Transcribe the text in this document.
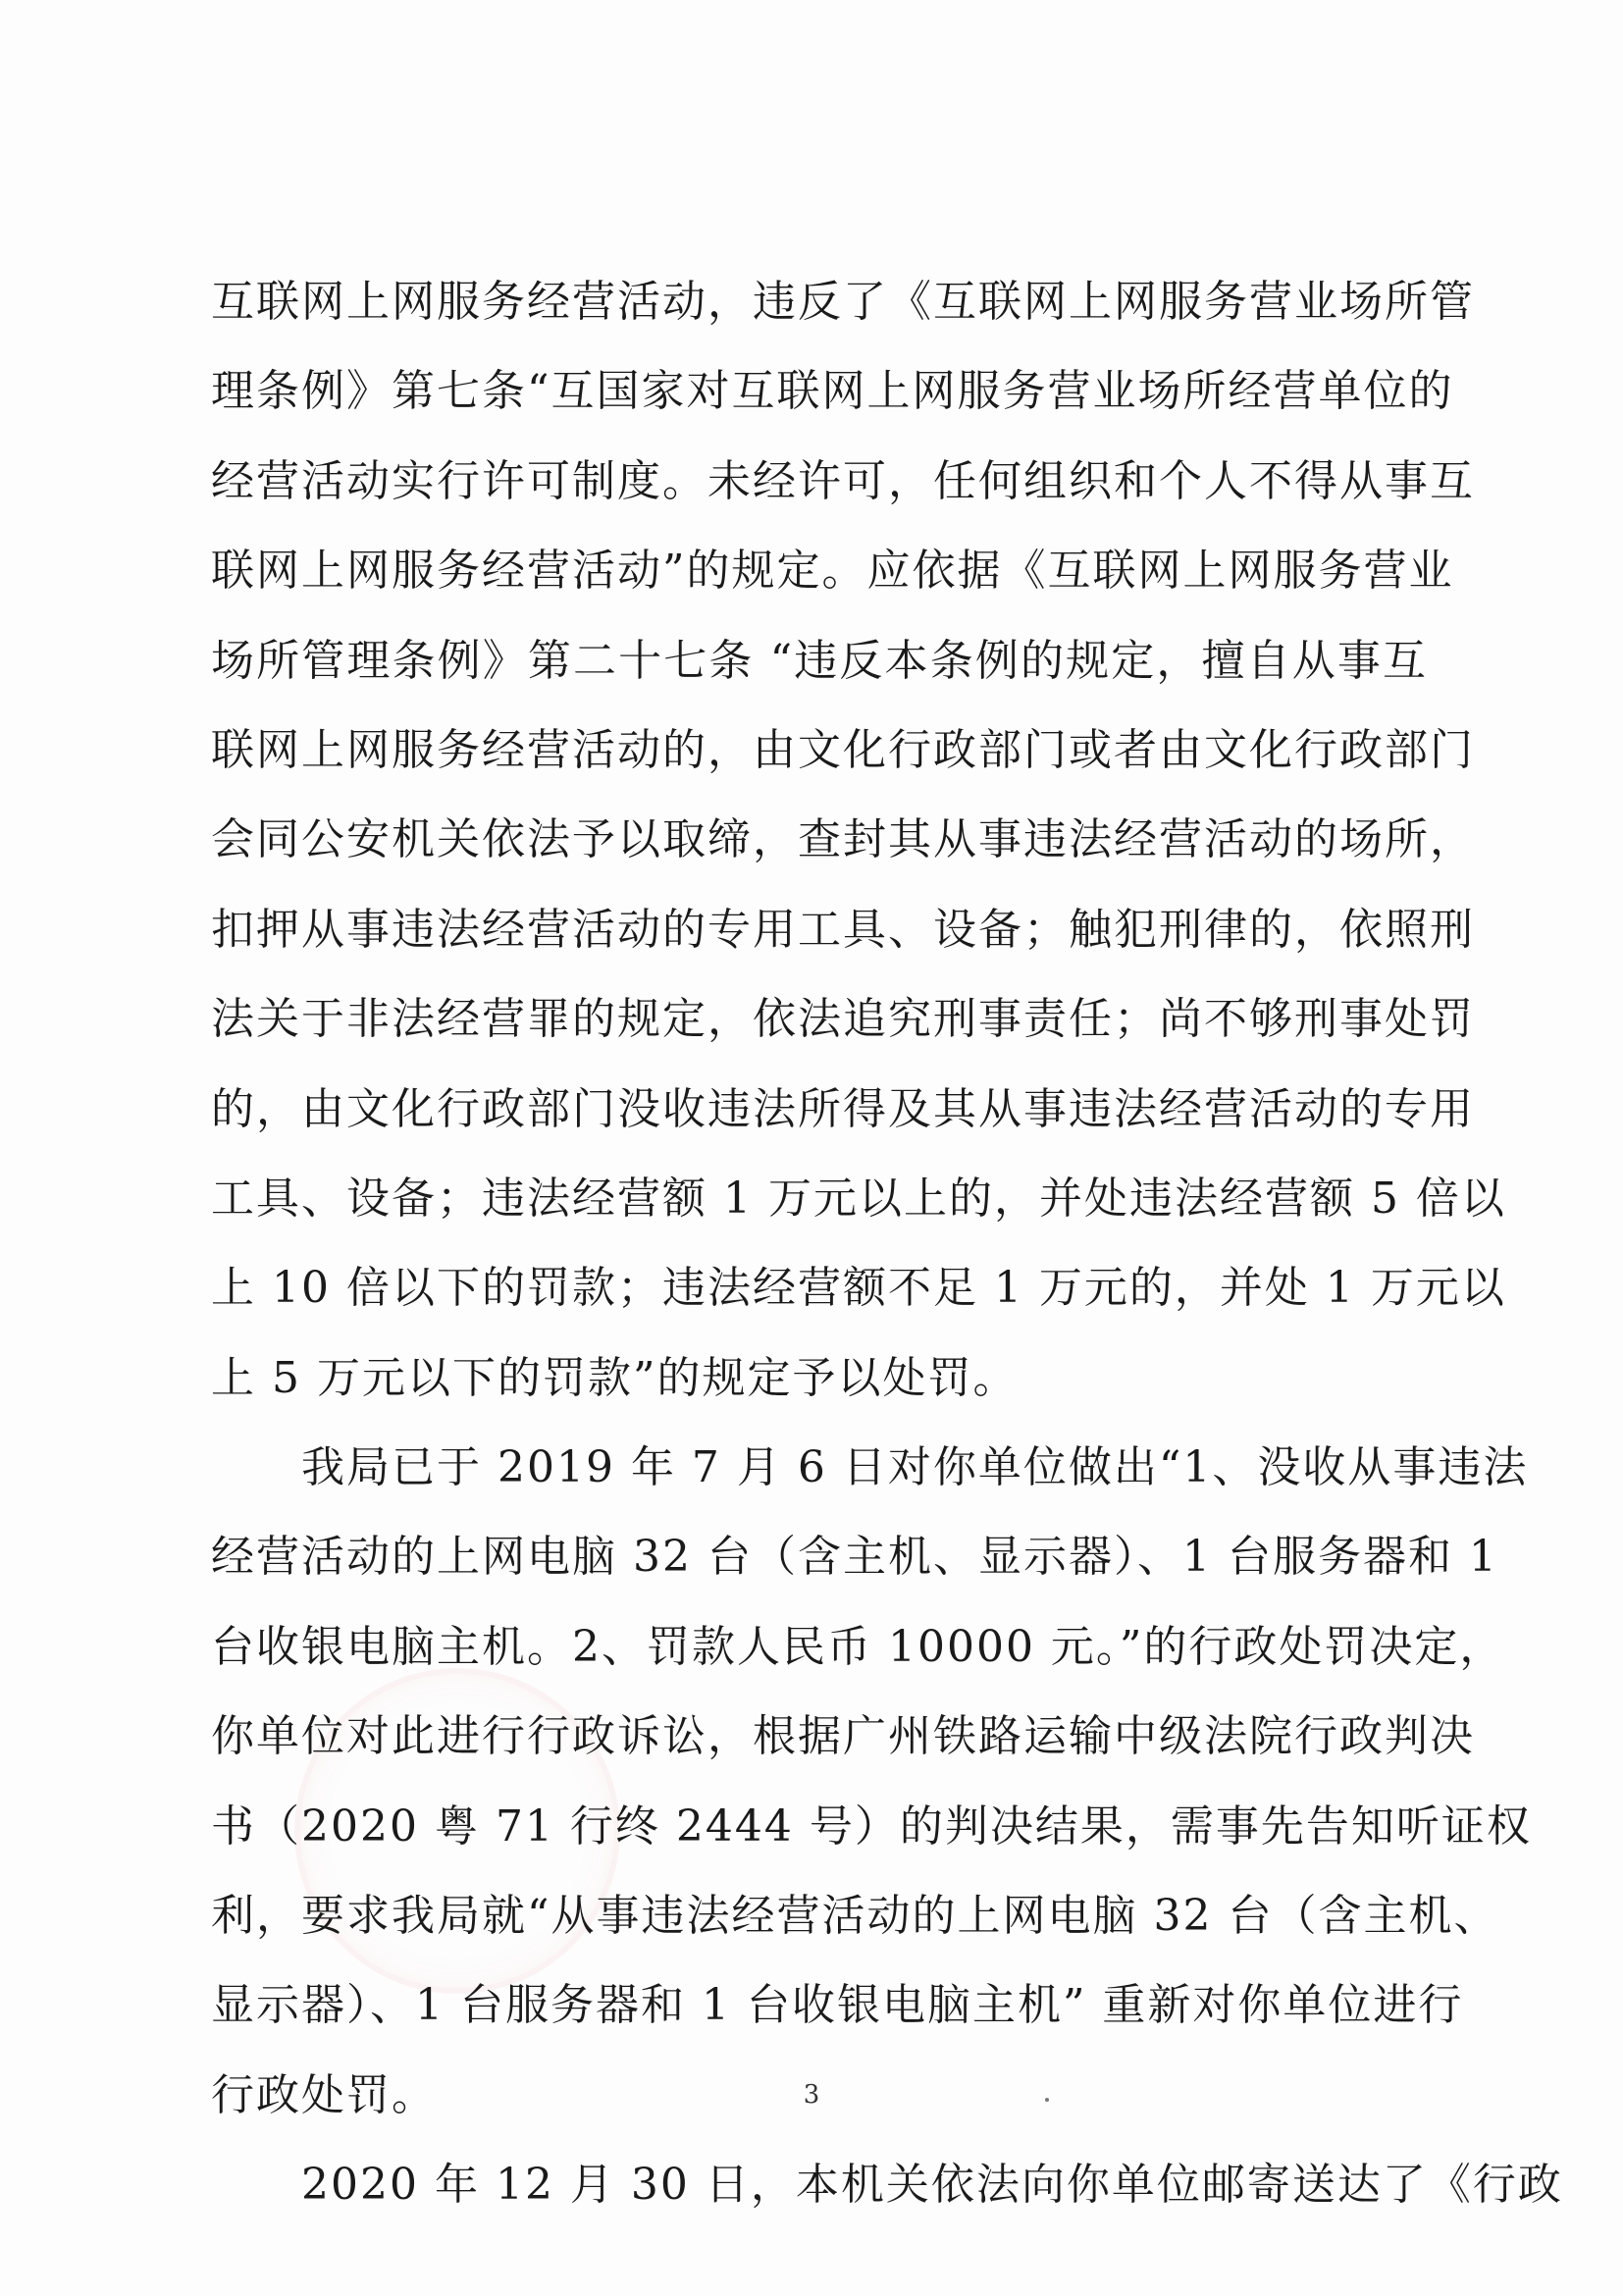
互联网上网服务经营活动，违反了《互联网上网服务营业场所管
理条例》第七条“互国家对互联网上网服务营业场所经营单位的
经营活动实行许可制度。未经许可，任何组织和个人不得从事互
联网上网服务经营活动”的规定。应依据《互联网上网服务营业
场所管理条例》第二十七条 “违反本条例的规定，擅自从事互
联网上网服务经营活动的，由文化行政部门或者由文化行政部门
会同公安机关依法予以取缔，查封其从事违法经营活动的场所，
扣押从事违法经营活动的专用工具、设备；触犯刑律的，依照刑
法关于非法经营罪的规定，依法追究刑事责任；尚不够刑事处罚
的，由文化行政部门没收违法所得及其从事违法经营活动的专用
工具、设备；违法经营额 1 万元以上的，并处违法经营额 5 倍以
上 10 倍以下的罚款；违法经营额不足 1 万元的，并处 1 万元以
上 5 万元以下的罚款”的规定予以处罚。
我局已于 2019 年 7 月 6 日对你单位做出“1、没收从事违法
经营活动的上网电脑 32 台（含主机、显示器）、1 台服务器和 1
台收银电脑主机。2、罚款人民币 10000 元。”的行政处罚决定，
你单位对此进行行政诉讼，根据广州铁路运输中级法院行政判决
书（2020 粤 71 行终 2444 号）的判决结果，需事先告知听证权
利，要求我局就“从事违法经营活动的上网电脑 32 台（含主机、
显示器）、1 台服务器和 1 台收银电脑主机” 重新对你单位进行
行政处罚。
2020 年 12 月 30 日，本机关依法向你单位邮寄送达了《行政
3
